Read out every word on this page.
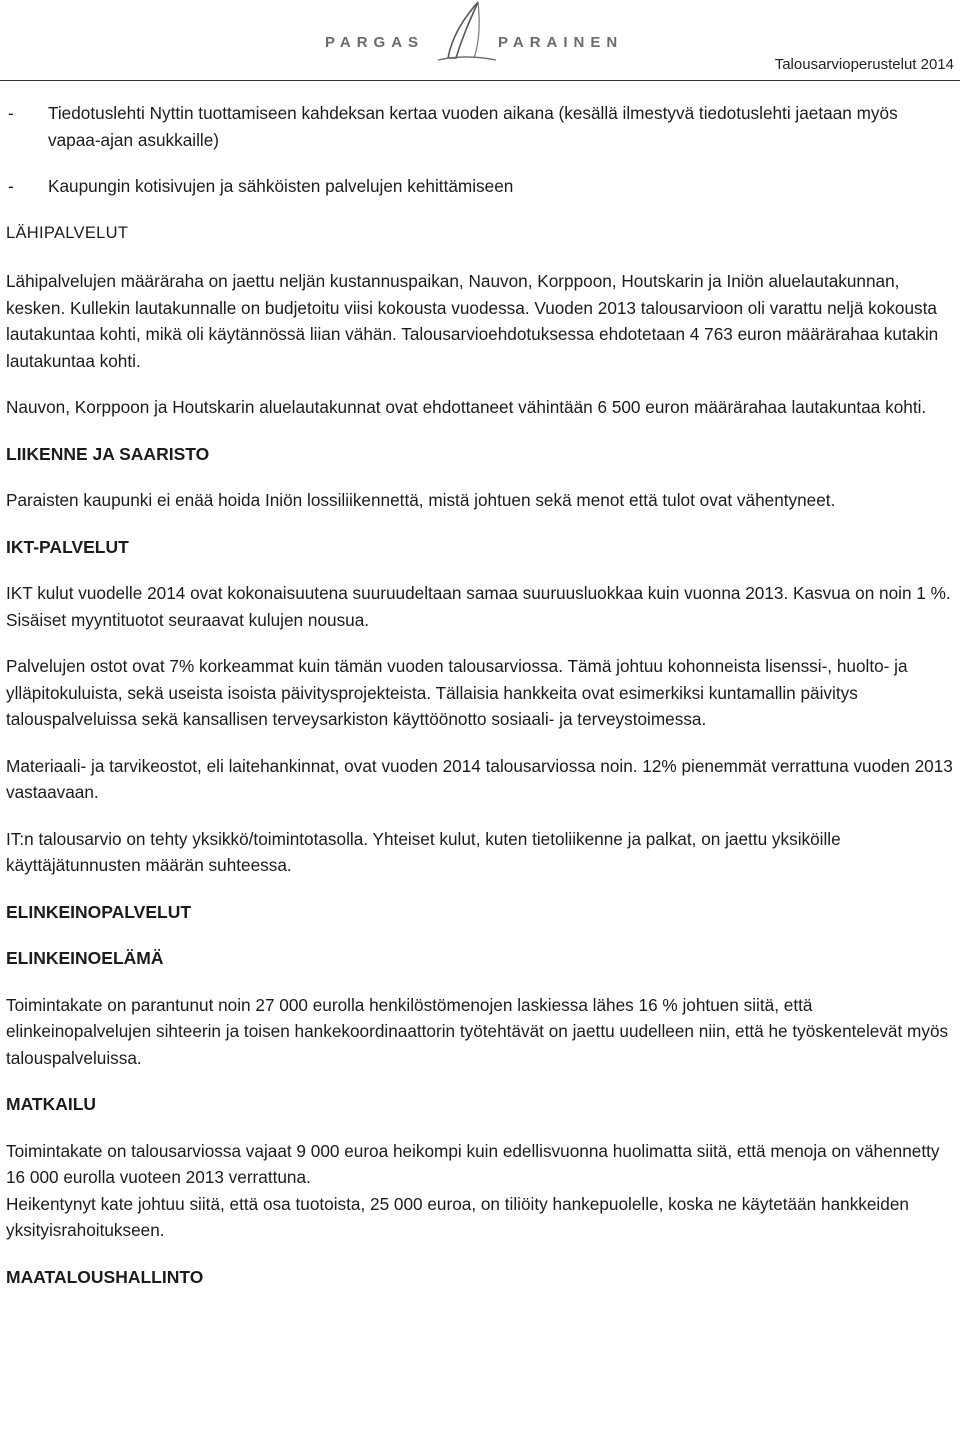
PARGAS	PARAINEN
Talousarvioperustelut 2014
- Tiedotuslehti Nyttin tuottamiseen kahdeksan kertaa vuoden aikana (kesällä ilmestyvä tiedotuslehti jaetaan myös vapaa-ajan asukkaille)
- Kaupungin kotisivujen ja sähköisten palvelujen kehittämiseen
LÄHIPALVELUT

Lähipalvelujen määräraha on jaettu neljän kustannuspaikan, Nauvon, Korppoon, Houtskarin ja Iniön aluelautakunnan, kesken. Kullekin lautakunnalle on budjetoitu viisi kokousta vuodessa. Vuoden 2013 talousarvioon oli varattu neljä kokousta lautakuntaa kohti, mikä oli käytännössä liian vähän. Talousarvioehdotuksessa ehdotetaan 4 763 euron määrärahaa kutakin lautakuntaa kohti.

Nauvon, Korppoon ja Houtskarin aluelautakunnat ovat ehdottaneet vähintään 6 500 euron määrärahaa lautakuntaa kohti.

LIIKENNE JA SAARISTO

Paraisten kaupunki ei enää hoida Iniön lossiliikennettä, mistä johtuen sekä menot että tulot ovat vähentyneet.

IKT-PALVELUT

IKT kulut vuodelle 2014 ovat kokonaisuutena suuruudeltaan samaa suuruusluokkaa kuin vuonna 2013. Kasvua on noin 1 %. Sisäiset myyntituotot seuraavat kulujen nousua.

Palvelujen ostot ovat 7% korkeammat kuin tämän vuoden talousarviossa. Tämä johtuu kohonneista lisenssi-, huolto- ja ylläpitokuluista, sekä useista isoista päivitysprojekteista. Tällaisia hankkeita ovat esimerkiksi kuntamallin päivitys talouspalveluissa sekä kansallisen terveysarkiston käyttöönotto sosiaali- ja terveystoimessa.

Materiaali- ja tarvikeostot, eli laitehankinnat, ovat vuoden 2014 talousarviossa noin. 12% pienemmät verrattuna vuoden 2013 vastaavaan.

IT:n talousarvio on tehty yksikkö/toimintotasolla. Yhteiset kulut, kuten tietoliikenne ja palkat, on jaettu yksiköille käyttäjätunnusten määrän suhteessa.

ELINKEINOPALVELUT
ELINKEINOELÄMÄ

Toimintakate on parantunut noin 27 000 eurolla henkilöstömenojen laskiessa lähes 16 % johtuen siitä, että elinkeinopalvelujen sihteerin ja toisen hankekoordinaattorin työtehtävät on jaettu uudelleen niin, että he työskentelevät myös talouspalveluissa.

MATKAILU

Toimintakate on talousarviossa vajaat 9 000 euroa heikompi kuin edellisvuonna huolimatta siitä, että menoja on vähennetty 16 000 eurolla vuoteen 2013 verrattuna.

Heikentynyt kate johtuu siitä, että osa tuotoista, 25 000 euroa, on tiliöity hankepuolelle, koska ne käytetään hankkeiden yksityisrahoitukseen.

MAATALOUSHALLINTO
